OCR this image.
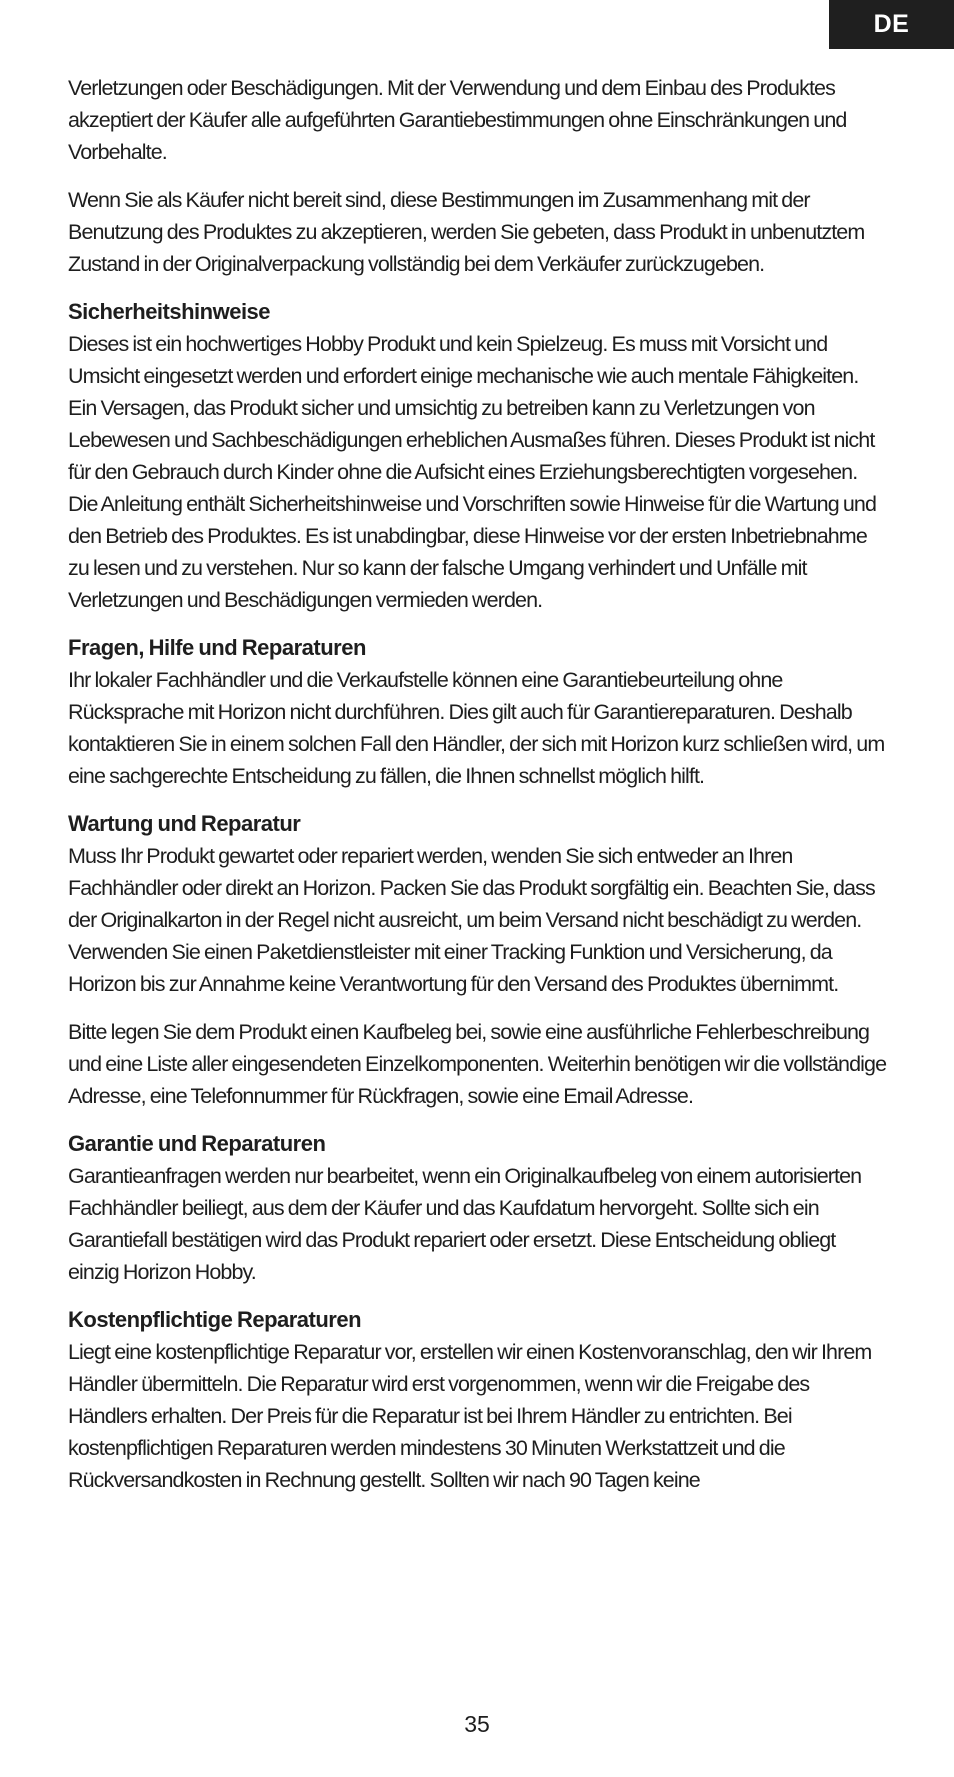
DE

Verletzungen oder Beschädigungen. Mit der Verwendung und dem Einbau des Produktes akzeptiert der Käufer alle aufgeführten Garantiebestimmungen ohne Einschränkungen und Vorbehalte.

Wenn Sie als Käufer nicht bereit sind, diese Bestimmungen im Zusammenhang mit der Benutzung des Produktes zu akzeptieren, werden Sie gebeten, dass Produkt in unbenutztem Zustand in der Originalverpackung vollständig bei dem Verkäufer zurückzugeben.

Sicherheitshinweise

Dieses ist ein hochwertiges Hobby Produkt und kein Spielzeug. Es muss mit Vorsicht und Umsicht eingesetzt werden und erfordert einige mechanische wie auch mentale Fähigkeiten. Ein Versagen, das Produkt sicher und umsichtig zu betreiben kann zu Verletzungen von Lebewesen und Sachbeschädigungen erheblichen Ausmaßes führen. Dieses Produkt ist nicht für den Gebrauch durch Kinder ohne die Aufsicht eines Erziehungsberechtigten vorgesehen. Die Anleitung enthält Sicherheitshinweise und Vorschriften sowie Hinweise für die Wartung und den Betrieb des Produktes. Es ist unabdingbar, diese Hinweise vor der ersten Inbetriebnahme zu lesen und zu verstehen. Nur so kann der falsche Umgang verhindert und Unfälle mit Verletzungen und Beschädigungen vermieden werden.

Fragen, Hilfe und Reparaturen

Ihr lokaler Fachhändler und die Verkaufstelle können eine Garantiebeurteilung ohne Rücksprache mit Horizon nicht durchführen. Dies gilt auch für Garantiereparaturen. Deshalb kontaktieren Sie in einem solchen Fall den Händler, der sich mit Horizon kurz schließen wird, um eine sachgerechte Entscheidung zu fällen, die Ihnen schnellst möglich hilft.

Wartung und Reparatur

Muss Ihr Produkt gewartet oder repariert werden, wenden Sie sich entweder an Ihren Fachhändler oder direkt an Horizon. Packen Sie das Produkt sorgfältig ein. Beachten Sie, dass der Originalkarton in der Regel nicht ausreicht, um beim Versand nicht beschädigt zu werden. Verwenden Sie einen Paketdienstleister mit einer Tracking Funktion und Versicherung, da Horizon bis zur Annahme keine Verantwortung für den Versand des Produktes übernimmt.

Bitte legen Sie dem Produkt einen Kaufbeleg bei, sowie eine ausführliche Fehlerbeschreibung und eine Liste aller eingesendeten Einzelkomponenten. Weiterhin benötigen wir die vollständige Adresse, eine Telefonnummer für Rückfragen, sowie eine Email Adresse.

Garantie und Reparaturen

Garantieanfragen werden nur bearbeitet, wenn ein Originalkaufbeleg von einem autorisierten Fachhändler beiliegt, aus dem der Käufer und das Kaufdatum hervorgeht. Sollte sich ein Garantiefall bestätigen wird das Produkt repariert oder ersetzt. Diese Entscheidung obliegt einzig Horizon Hobby.

Kostenpflichtige Reparaturen

Liegt eine kostenpflichtige Reparatur vor, erstellen wir einen Kostenvoranschlag, den wir Ihrem Händler übermitteln. Die Reparatur wird erst vorgenommen, wenn wir die Freigabe des Händlers erhalten. Der Preis für die Reparatur ist bei Ihrem Händler zu entrichten. Bei kostenpflichtigen Reparaturen werden mindestens 30 Minuten Werkstattzeit und die Rückversandkosten in Rechnung gestellt. Sollten wir nach 90 Tagen keine

35
